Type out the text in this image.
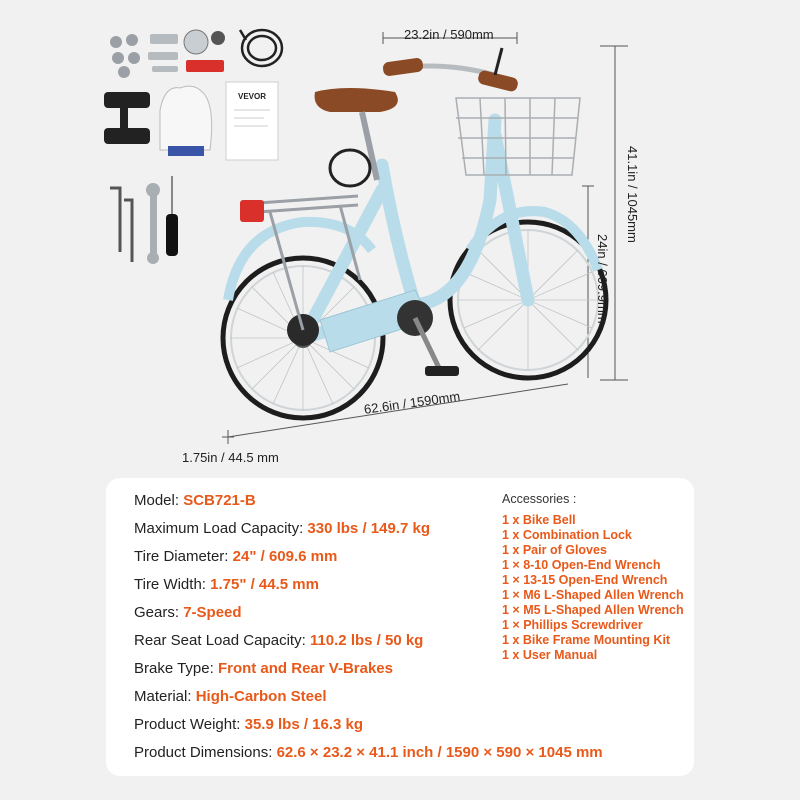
VEVOR
23.2in / 590mm
41.1in / 1045mm
24in / 609.9mm
62.6in / 1590mm
1.75in / 44.5 mm
Model: SCB721-B
Maximum Load Capacity: 330 lbs / 149.7 kg
Tire Diameter: 24" / 609.6 mm
Tire Width: 1.75" / 44.5 mm
Gears: 7-Speed
Rear Seat Load Capacity: 110.2 lbs / 50 kg
Brake Type: Front and Rear V-Brakes
Material: High-Carbon Steel
Product Weight: 35.9 lbs / 16.3 kg
Product Dimensions: 62.6 × 23.2 × 41.1 inch / 1590 × 590 × 1045 mm
Accessories :
1 x Bike Bell
1 x Combination Lock
1 x Pair of Gloves
1 × 8-10 Open-End Wrench
1 × 13-15 Open-End Wrench
1 × M6 L-Shaped Allen Wrench
1 × M5 L-Shaped Allen Wrench
1 × Phillips Screwdriver
1 x Bike Frame Mounting Kit
1 x User Manual
